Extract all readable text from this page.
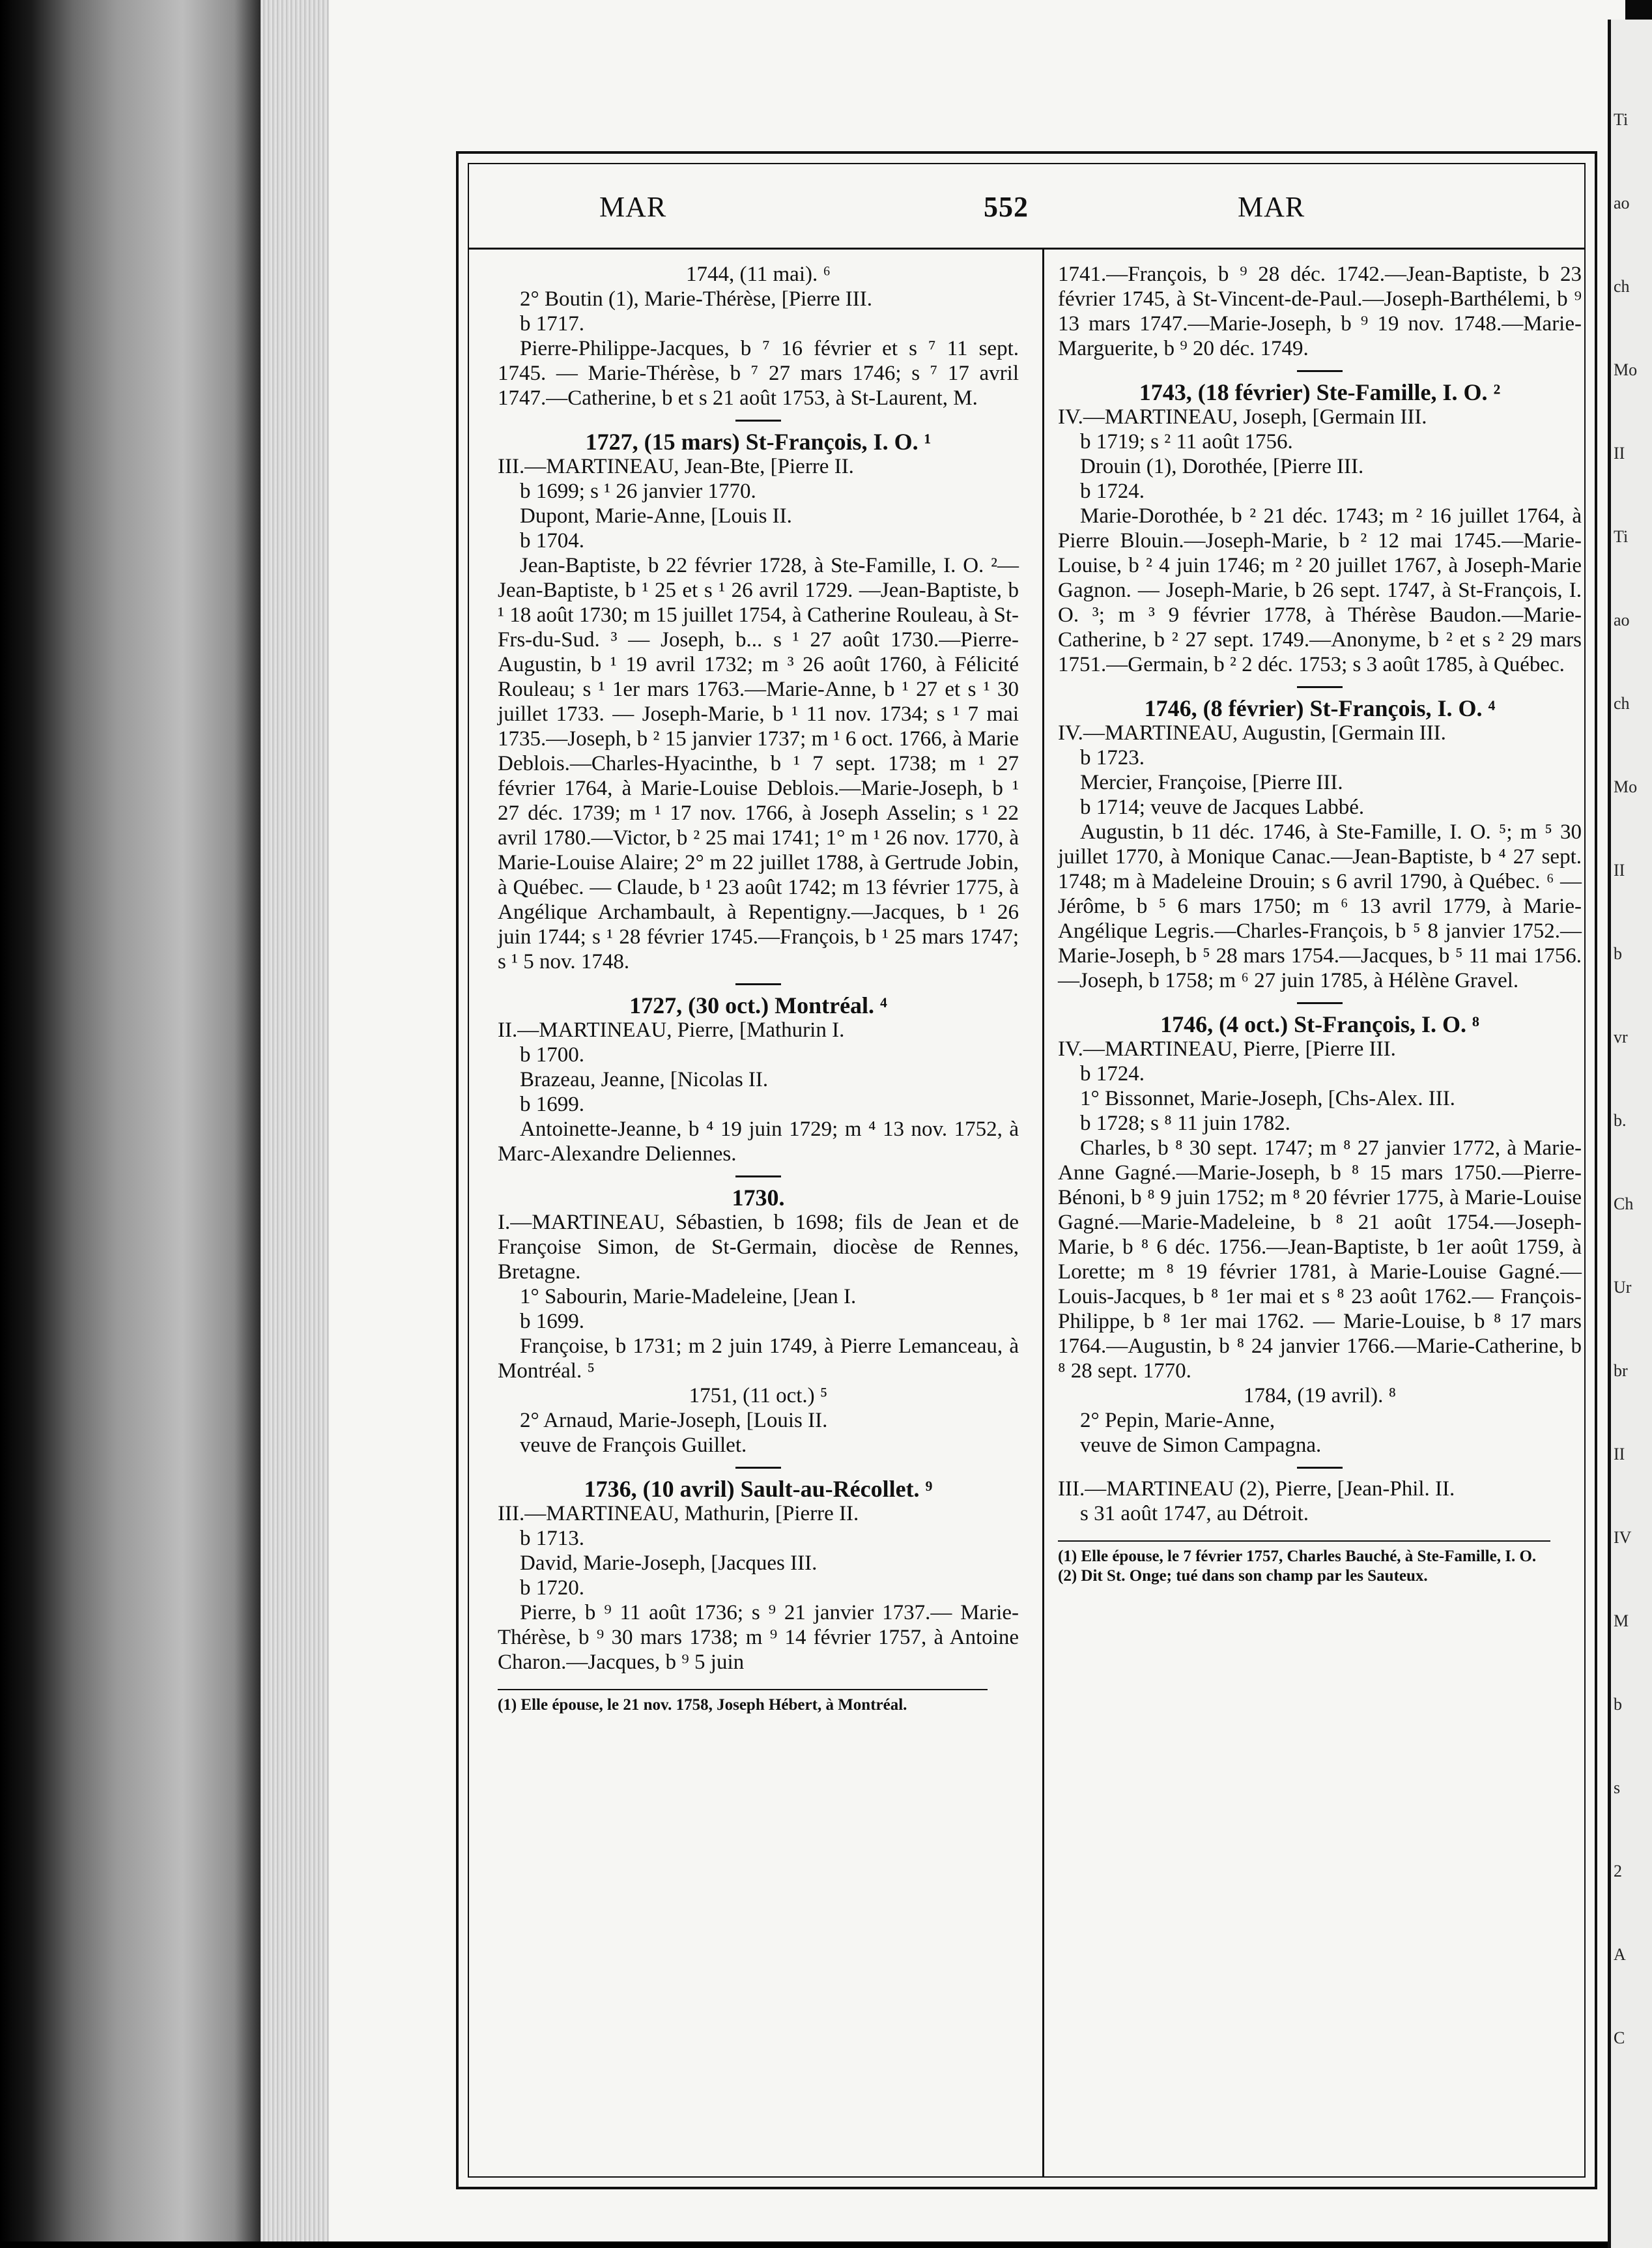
Ti
ao
ch
Mo
II
Ti
ao
ch
Mo
II
b
vr
b.
Ch
Ur
br
II
IV
M
b
s
2
A
C
MAR	552	MAR

1744, (11 mai). ⁶

2° Boutin (1), Marie-Thérèse, [Pierre III.

b 1717.

Pierre-Philippe-Jacques, b ⁷ 16 février et s ⁷ 11 sept. 1745. — Marie-Thérèse, b ⁷ 27 mars 1746; s ⁷ 17 avril 1747.—Catherine, b et s 21 août 1753, à St-Laurent, M.

1727, (15 mars) St-François, I. O. ¹

III.—MARTINEAU, Jean-Bte, [Pierre II.

b 1699; s ¹ 26 janvier 1770.

Dupont, Marie-Anne, [Louis II.

b 1704.

Jean-Baptiste, b 22 février 1728, à Ste-Famille, I. O. ²—Jean-Baptiste, b ¹ 25 et s ¹ 26 avril 1729. —Jean-Baptiste, b ¹ 18 août 1730; m 15 juillet 1754, à Catherine Rouleau, à St-Frs-du-Sud. ³ — Joseph, b... s ¹ 27 août 1730.—Pierre-Augustin, b ¹ 19 avril 1732; m ³ 26 août 1760, à Félicité Rouleau; s ¹ 1er mars 1763.—Marie-Anne, b ¹ 27 et s ¹ 30 juillet 1733. — Joseph-Marie, b ¹ 11 nov. 1734; s ¹ 7 mai 1735.—Joseph, b ² 15 janvier 1737; m ¹ 6 oct. 1766, à Marie Deblois.—Charles-Hyacinthe, b ¹ 7 sept. 1738; m ¹ 27 février 1764, à Marie-Louise Deblois.—Marie-Joseph, b ¹ 27 déc. 1739; m ¹ 17 nov. 1766, à Joseph Asselin; s ¹ 22 avril 1780.—Victor, b ² 25 mai 1741; 1° m ¹ 26 nov. 1770, à Marie-Louise Alaire; 2° m 22 juillet 1788, à Gertrude Jobin, à Québec. — Claude, b ¹ 23 août 1742; m 13 février 1775, à Angélique Archambault, à Repentigny.—Jacques, b ¹ 26 juin 1744; s ¹ 28 février 1745.—François, b ¹ 25 mars 1747; s ¹ 5 nov. 1748.

1727, (30 oct.) Montréal. ⁴

II.—MARTINEAU, Pierre, [Mathurin I.

b 1700.

Brazeau, Jeanne, [Nicolas II.

b 1699.

Antoinette-Jeanne, b ⁴ 19 juin 1729; m ⁴ 13 nov. 1752, à Marc-Alexandre Deliennes.

1730.

I.—MARTINEAU, Sébastien, b 1698; fils de Jean et de Françoise Simon, de St-Germain, diocèse de Rennes, Bretagne.

1° Sabourin, Marie-Madeleine, [Jean I.

b 1699.

Françoise, b 1731; m 2 juin 1749, à Pierre Lemanceau, à Montréal. ⁵

1751, (11 oct.) ⁵

2° Arnaud, Marie-Joseph, [Louis II.

veuve de François Guillet.

1736, (10 avril) Sault-au-Récollet. ⁹

III.—MARTINEAU, Mathurin, [Pierre II.

b 1713.

David, Marie-Joseph, [Jacques III.

b 1720.

Pierre, b ⁹ 11 août 1736; s ⁹ 21 janvier 1737.— Marie-Thérèse, b ⁹ 30 mars 1738; m ⁹ 14 février 1757, à Antoine Charon.—Jacques, b ⁹ 5 juin

(1) Elle épouse, le 21 nov. 1758, Joseph Hébert, à Montréal.

1741.—François, b ⁹ 28 déc. 1742.—Jean-Baptiste, b 23 février 1745, à St-Vincent-de-Paul.—Joseph-Barthélemi, b ⁹ 13 mars 1747.—Marie-Joseph, b ⁹ 19 nov. 1748.—Marie-Marguerite, b ⁹ 20 déc. 1749.

1743, (18 février) Ste-Famille, I. O. ²

IV.—MARTINEAU, Joseph, [Germain III.

b 1719; s ² 11 août 1756.

Drouin (1), Dorothée, [Pierre III.

b 1724.

Marie-Dorothée, b ² 21 déc. 1743; m ² 16 juillet 1764, à Pierre Blouin.—Joseph-Marie, b ² 12 mai 1745.—Marie-Louise, b ² 4 juin 1746; m ² 20 juillet 1767, à Joseph-Marie Gagnon. — Joseph-Marie, b 26 sept. 1747, à St-François, I. O. ³; m ³ 9 février 1778, à Thérèse Baudon.—Marie-Catherine, b ² 27 sept. 1749.—Anonyme, b ² et s ² 29 mars 1751.—Germain, b ² 2 déc. 1753; s 3 août 1785, à Québec.

1746, (8 février) St-François, I. O. ⁴

IV.—MARTINEAU, Augustin, [Germain III.

b 1723.

Mercier, Françoise, [Pierre III.

b 1714; veuve de Jacques Labbé.

Augustin, b 11 déc. 1746, à Ste-Famille, I. O. ⁵; m ⁵ 30 juillet 1770, à Monique Canac.—Jean-Baptiste, b ⁴ 27 sept. 1748; m à Madeleine Drouin; s 6 avril 1790, à Québec. ⁶ — Jérôme, b ⁵ 6 mars 1750; m ⁶ 13 avril 1779, à Marie-Angélique Legris.—Charles-François, b ⁵ 8 janvier 1752.— Marie-Joseph, b ⁵ 28 mars 1754.—Jacques, b ⁵ 11 mai 1756.—Joseph, b 1758; m ⁶ 27 juin 1785, à Hélène Gravel.

1746, (4 oct.) St-François, I. O. ⁸

IV.—MARTINEAU, Pierre, [Pierre III.

b 1724.

1° Bissonnet, Marie-Joseph, [Chs-Alex. III.

b 1728; s ⁸ 11 juin 1782.

Charles, b ⁸ 30 sept. 1747; m ⁸ 27 janvier 1772, à Marie-Anne Gagné.—Marie-Joseph, b ⁸ 15 mars 1750.—Pierre-Bénoni, b ⁸ 9 juin 1752; m ⁸ 20 février 1775, à Marie-Louise Gagné.—Marie-Madeleine, b ⁸ 21 août 1754.—Joseph-Marie, b ⁸ 6 déc. 1756.—Jean-Baptiste, b 1er août 1759, à Lorette; m ⁸ 19 février 1781, à Marie-Louise Gagné.— Louis-Jacques, b ⁸ 1er mai et s ⁸ 23 août 1762.— François-Philippe, b ⁸ 1er mai 1762. — Marie-Louise, b ⁸ 17 mars 1764.—Augustin, b ⁸ 24 janvier 1766.—Marie-Catherine, b ⁸ 28 sept. 1770.

1784, (19 avril). ⁸

2° Pepin, Marie-Anne,

veuve de Simon Campagna.

III.—MARTINEAU (2), Pierre, [Jean-Phil. II.

s 31 août 1747, au Détroit.

(1) Elle épouse, le 7 février 1757, Charles Bauché, à Ste-Famille, I. O.

(2) Dit St. Onge; tué dans son champ par les Sauteux.
